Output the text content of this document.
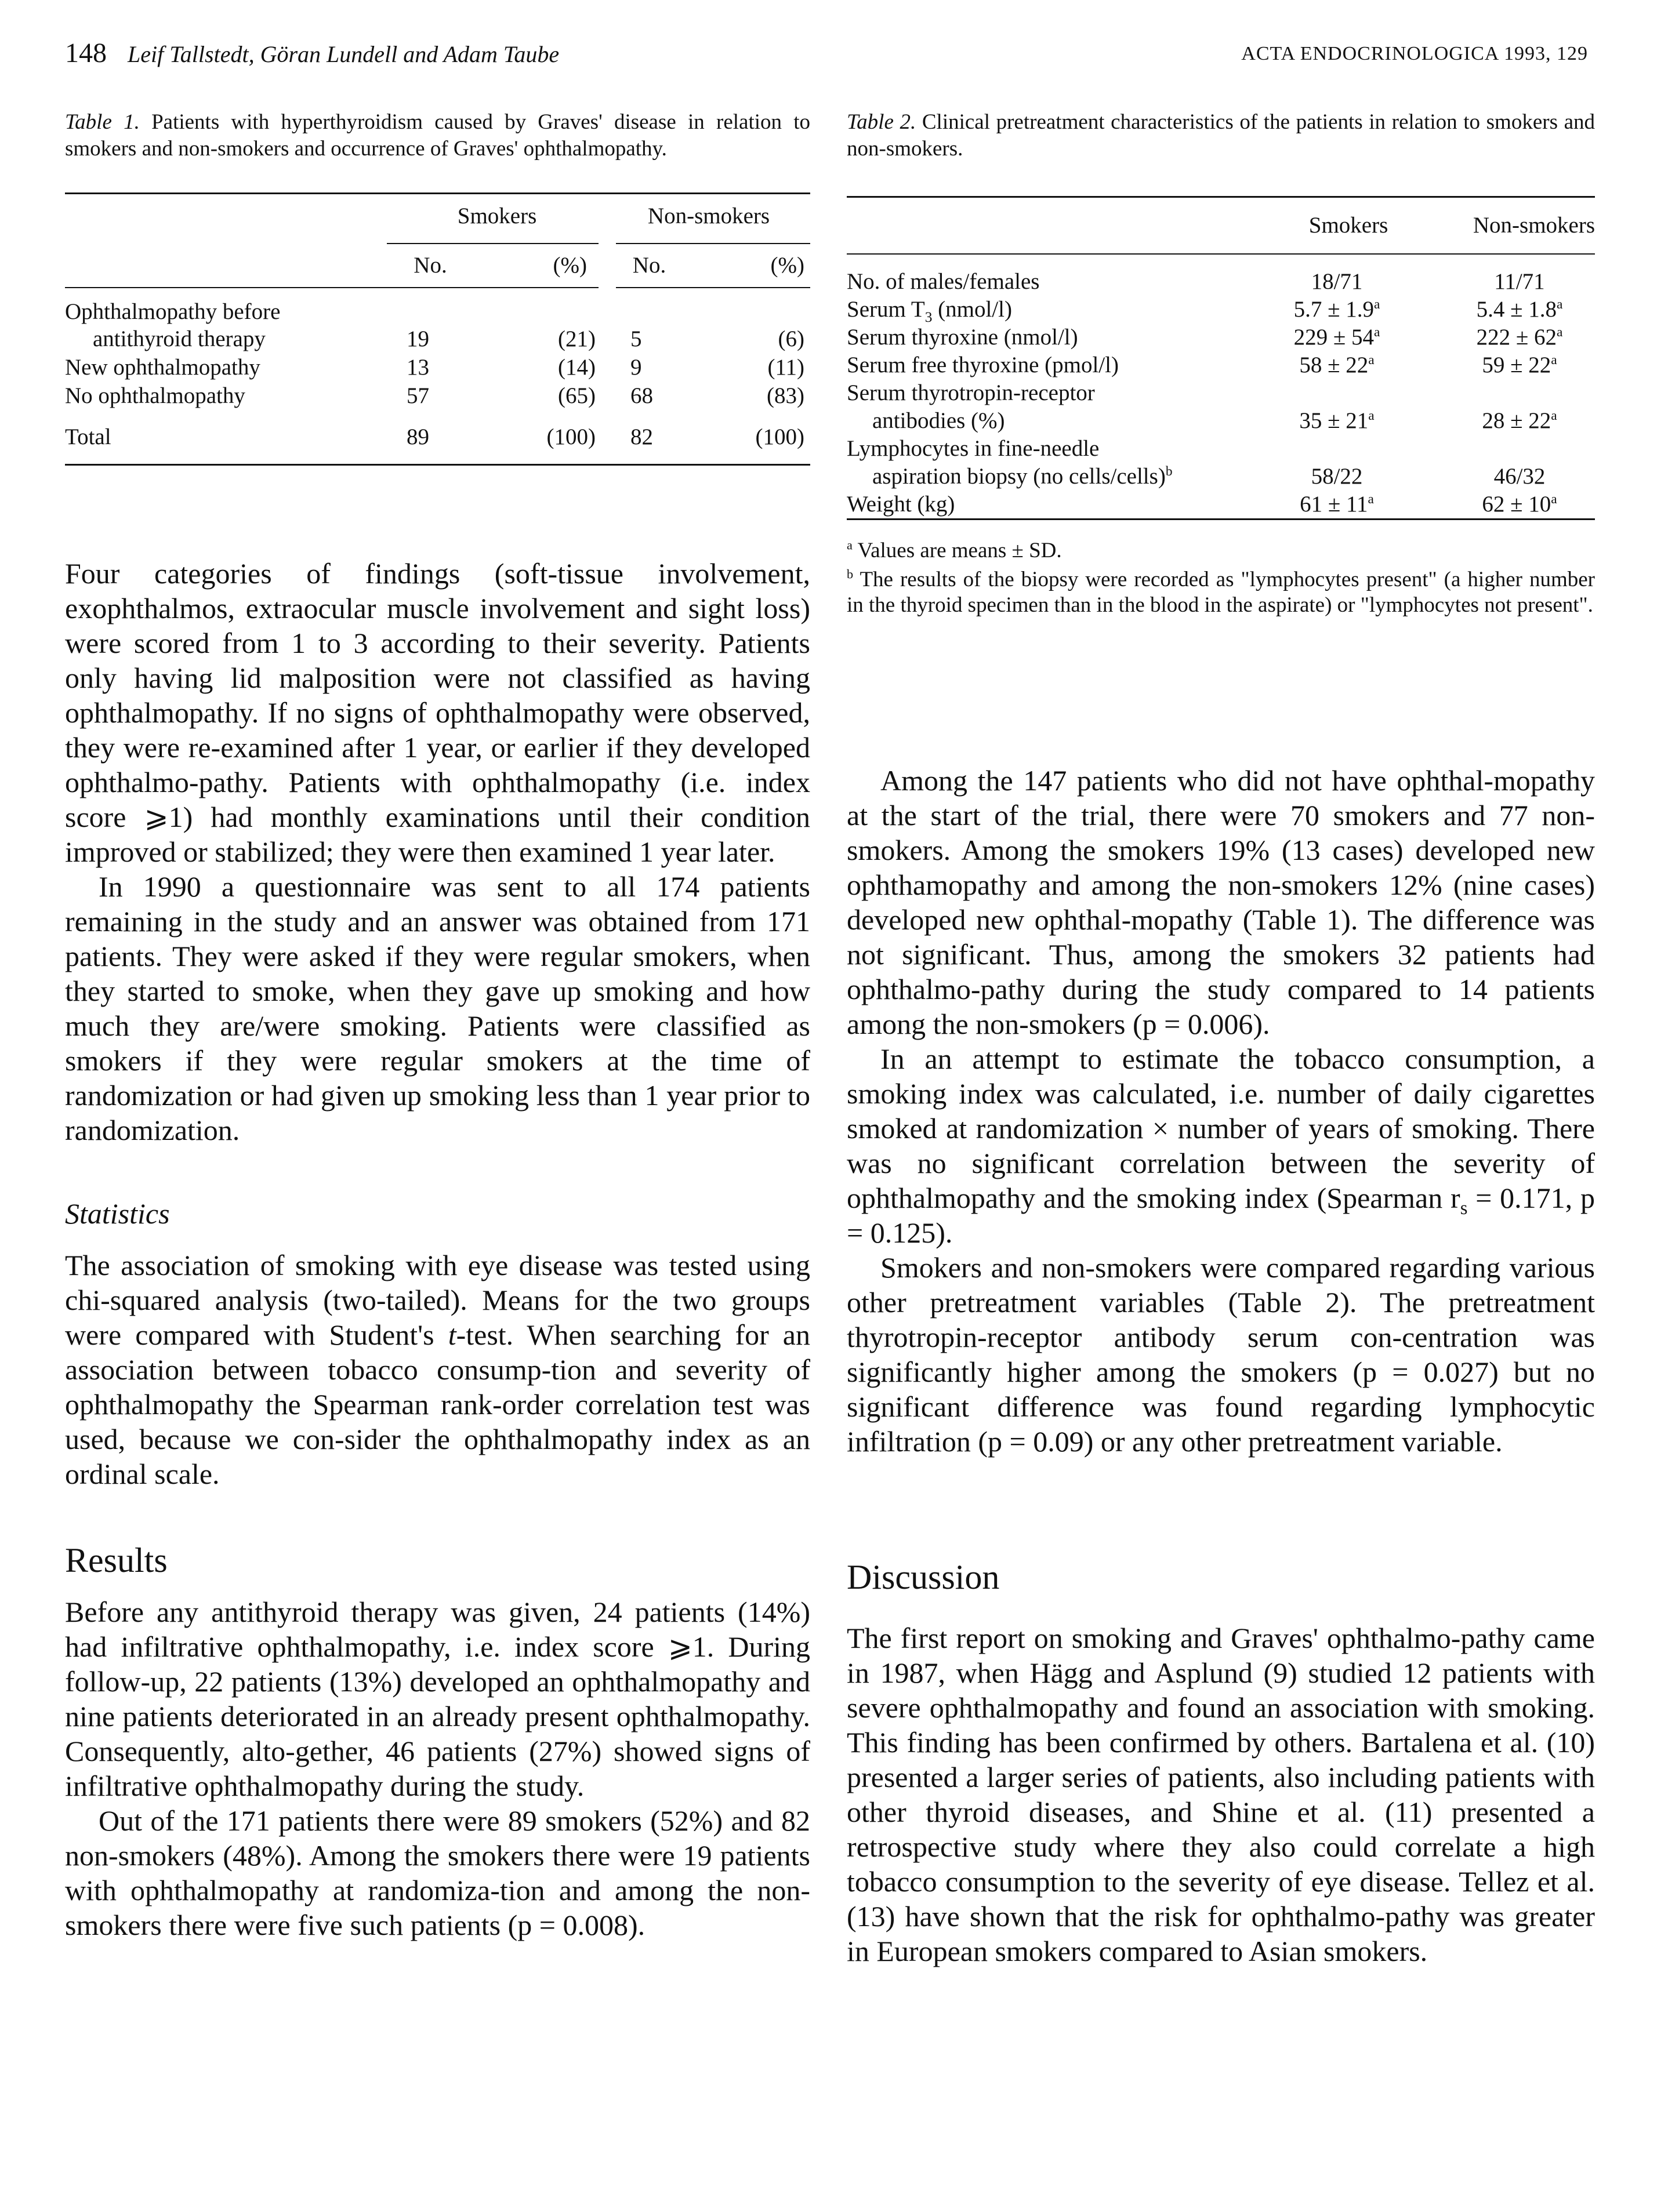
148 Leif Tallstedt, Göran Lundell and Adam Taube	ACTA ENDOCRINOLOGICA 1993, 129
Table 1. Patients with hyperthyroidism caused by Graves' disease in relation to smokers and non-smokers and occurrence of Graves' ophthalmopathy.
	Smokers		Non-smokers	
	No.	(%)	No.	(%)
Ophthalmopathy before				
antithyroid therapy	19	(21)	5	(6)
New ophthalmopathy	13	(14)	9	(11)
No ophthalmopathy	57	(65)	68	(83)
Total	89	(100)	82	(100)

Four categories of findings (soft-tissue involvement, exophthalmos, extraocular muscle involvement and sight loss) were scored from 1 to 3 according to their severity. Patients only having lid malposition were not classified as having ophthalmopathy. If no signs of ophthalmopathy were observed, they were re-examined after 1 year, or earlier if they developed ophthalmo-pathy. Patients with ophthalmopathy (i.e. index score ⩾1) had monthly examinations until their condition improved or stabilized; they were then examined 1 year later.

In 1990 a questionnaire was sent to all 174 patients remaining in the study and an answer was obtained from 171 patients. They were asked if they were regular smokers, when they started to smoke, when they gave up smoking and how much they are/were smoking. Patients were classified as smokers if they were regular smokers at the time of randomization or had given up smoking less than 1 year prior to randomization.

Statistics

The association of smoking with eye disease was tested using chi-squared analysis (two-tailed). Means for the two groups were compared with Student's t-test. When searching for an association between tobacco consump-tion and severity of ophthalmopathy the Spearman rank-order correlation test was used, because we con-sider the ophthalmopathy index as an ordinal scale.

Results

Before any antithyroid therapy was given, 24 patients (14%) had infiltrative ophthalmopathy, i.e. index score ⩾1. During follow-up, 22 patients (13%) developed an ophthalmopathy and nine patients deteriorated in an already present ophthalmopathy. Consequently, alto-gether, 46 patients (27%) showed signs of infiltrative ophthalmopathy during the study.

Out of the 171 patients there were 89 smokers (52%) and 82 non-smokers (48%). Among the smokers there were 19 patients with ophthalmopathy at randomiza-tion and among the non-smokers there were five such patients (p = 0.008).

Table 2. Clinical pretreatment characteristics of the patients in relation to smokers and non-smokers.
	Smokers	Non-smokers

No. of males/females	18/71	11/71
Serum $T_3$ (nmol/l)	5.7 ± 1.9$^a$	5.4 ± 1.8$^a$
Serum thyroxine (nmol/l)	$229 \pm 54^a$	$222 \pm 62^a$
Serum free thyroxine (pmol/l)	$58 \pm 22^a$	$59 \pm 22^a$
Serum thyrotropin-receptor		
antibodies (%)	$35 \pm 21^a$	$28 \pm 22^a$
Lymphocytes in fine-needle		
aspiration biopsy (no cells/cells)$^b$	58/22	46/32
Weight (kg)	$61 \pm 11^a$	$62 \pm 10^a$

$^a$ Values are means ± SD.
$^b$ The results of the biopsy were recorded as "lymphocytes present" (a higher number in the thyroid specimen than in the blood in the aspirate) or "lymphocytes not present".

Among the 147 patients who did not have ophthal-mopathy at the start of the trial, there were 70 smokers and 77 non-smokers. Among the smokers 19% (13 cases) developed new ophthamopathy and among the non-smokers 12% (nine cases) developed new ophthal-mopathy (Table 1). The difference was not significant. Thus, among the smokers 32 patients had ophthalmo-pathy during the study compared to 14 patients among the non-smokers (p = 0.006).

In an attempt to estimate the tobacco consumption, a smoking index was calculated, i.e. number of daily cigarettes smoked at randomization × number of years of smoking. There was no significant correlation between the severity of ophthalmopathy and the smoking index (Spearman $r_s = 0.171$, p = 0.125).

Smokers and non-smokers were compared regarding various other pretreatment variables (Table 2). The pretreatment thyrotropin-receptor antibody serum con-centration was significantly higher among the smokers (p = 0.027) but no significant difference was found regarding lymphocytic infiltration (p = 0.09) or any other pretreatment variable.

Discussion

The first report on smoking and Graves' ophthalmo-pathy came in 1987, when Hägg and Asplund (9) studied 12 patients with severe ophthalmopathy and found an association with smoking. This finding has been confirmed by others. Bartalena et al. (10) presented a larger series of patients, also including patients with other thyroid diseases, and Shine et al. (11) presented a retrospective study where they also could correlate a high tobacco consumption to the severity of eye disease. Tellez et al. (13) have shown that the risk for ophthalmo-pathy was greater in European smokers compared to Asian smokers.
